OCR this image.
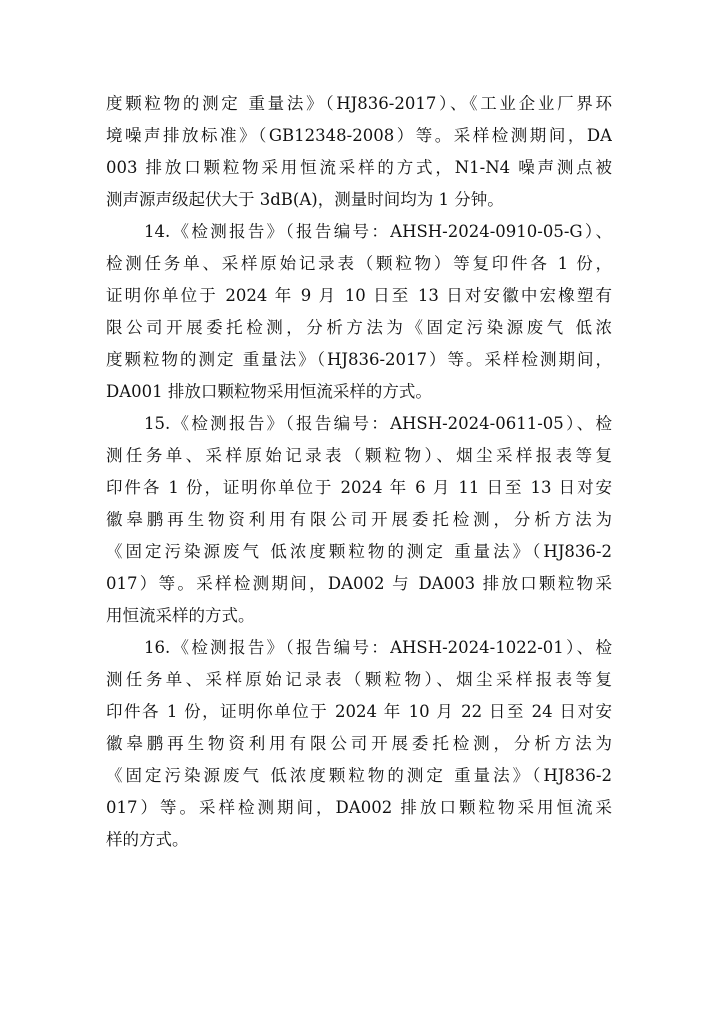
度颗粒物的测定 重量法》（HJ836-2017）、《工业企业厂界环
境噪声排放标准》（GB12348-2008）等。采样检测期间，DA
003 排放口颗粒物采用恒流采样的方式，N1-N4 噪声测点被
测声源声级起伏大于 3dB(A)，测量时间均为 1 分钟。
14.《检测报告》（报告编号：AHSH-2024-0910-05-G）、
检测任务单、采样原始记录表（颗粒物）等复印件各 1 份，
证明你单位于 2024 年 9 月 10 日至 13 日对安徽中宏橡塑有
限公司开展委托检测，分析方法为《固定污染源废气 低浓
度颗粒物的测定 重量法》（HJ836-2017）等。采样检测期间，
DA001 排放口颗粒物采用恒流采样的方式。
15.《检测报告》（报告编号：AHSH-2024-0611-05）、检
测任务单、采样原始记录表（颗粒物）、烟尘采样报表等复
印件各 1 份，证明你单位于 2024 年 6 月 11 日至 13 日对安
徽皋鹏再生物资利用有限公司开展委托检测，分析方法为
《固定污染源废气 低浓度颗粒物的测定 重量法》（HJ836-2
017）等。采样检测期间，DA002 与 DA003 排放口颗粒物采
用恒流采样的方式。
16.《检测报告》（报告编号：AHSH-2024-1022-01）、检
测任务单、采样原始记录表（颗粒物）、烟尘采样报表等复
印件各 1 份，证明你单位于 2024 年 10 月 22 日至 24 日对安
徽皋鹏再生物资利用有限公司开展委托检测，分析方法为
《固定污染源废气 低浓度颗粒物的测定 重量法》（HJ836-2
017）等。采样检测期间，DA002 排放口颗粒物采用恒流采
样的方式。
